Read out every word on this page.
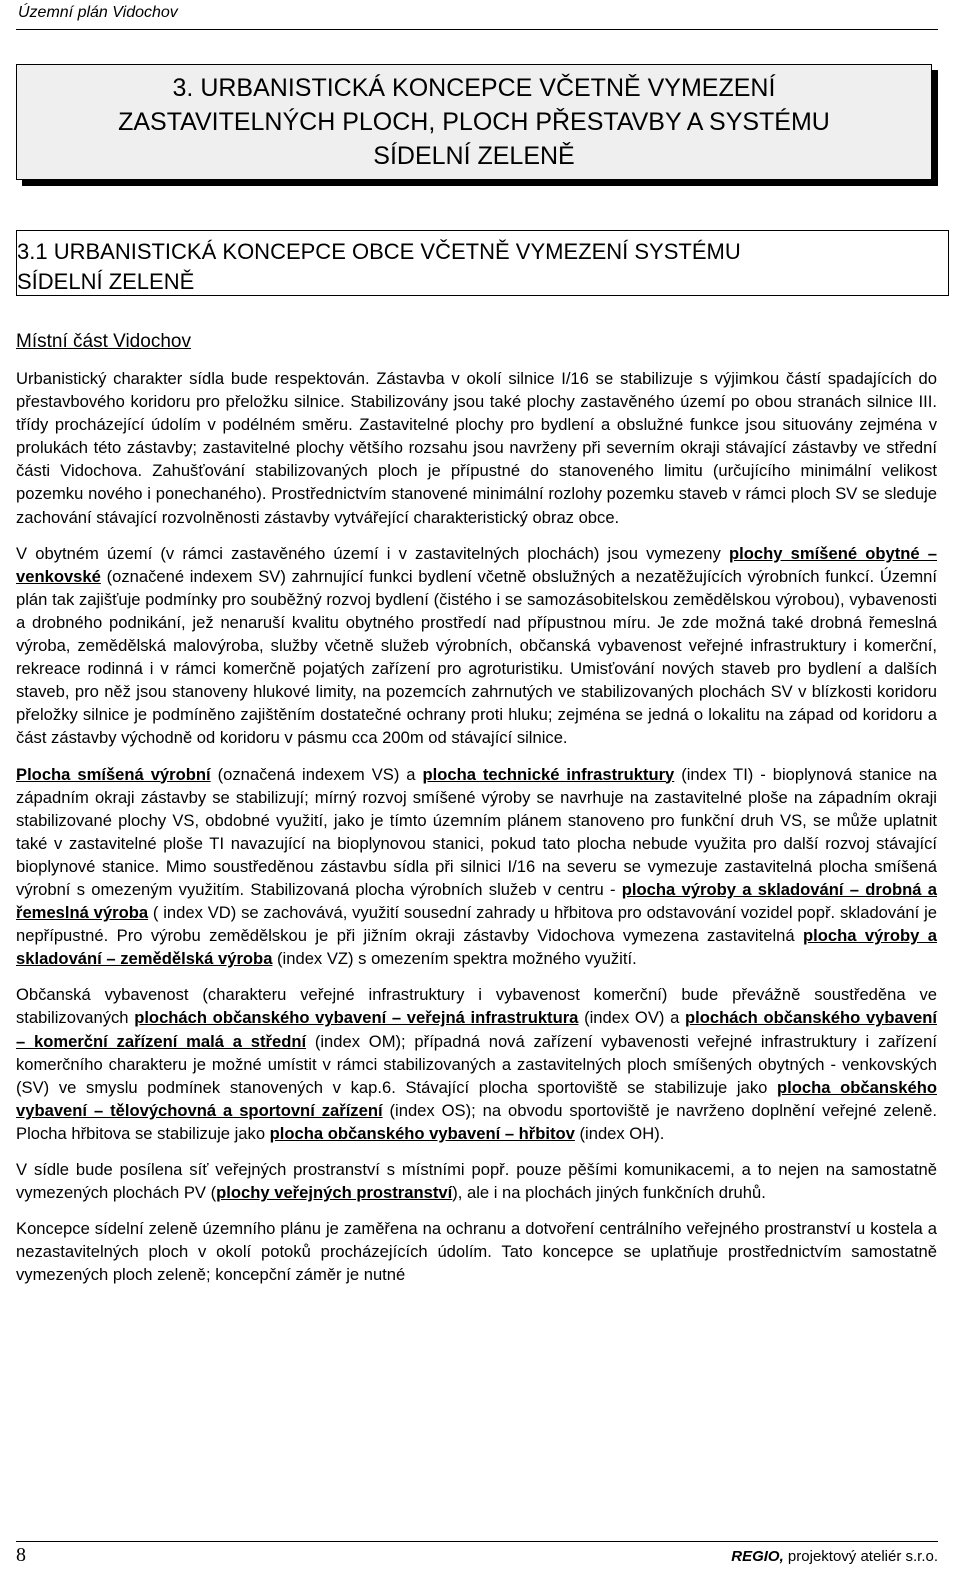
Územní plán Vidochov
3. URBANISTICKÁ KONCEPCE VČETNĚ VYMEZENÍ
ZASTAVITELNÝCH PLOCH, PLOCH PŘESTAVBY A SYSTÉMU
SÍDELNÍ ZELENĚ
3.1 URBANISTICKÁ KONCEPCE OBCE VČETNĚ VYMEZENÍ SYSTÉMU
SÍDELNÍ ZELENĚ
Místní část Vidochov

Urbanistický charakter sídla bude respektován. Zástavba v okolí silnice I/16 se stabilizuje s výjimkou částí spadajících do přestavbového koridoru pro přeložku silnice. Stabilizovány jsou také plochy zastavěného území po obou stranách silnice III. třídy procházející údolím v podélném směru. Zastavitelné plochy pro bydlení a obslužné funkce jsou situovány zejména v prolukách této zástavby; zastavitelné plochy většího rozsahu jsou navrženy při severním okraji stávající zástavby ve střední části Vidochova. Zahušťování stabilizovaných ploch je přípustné do stanoveného limitu (určujícího minimální velikost pozemku nového i ponechaného). Prostřednictvím stanovené minimální rozlohy pozemku staveb v rámci ploch SV se sleduje zachování stávající rozvolněnosti zástavby vytvářející charakteristický obraz obce.

V obytném území (v rámci zastavěného území i v zastavitelných plochách) jsou vymezeny plochy smíšené obytné – venkovské (označené indexem SV) zahrnující funkci bydlení včetně obslužných a nezatěžujících výrobních funkcí. Územní plán tak zajišťuje podmínky pro souběžný rozvoj bydlení (čistého i se samozásobitelskou zemědělskou výrobou), vybavenosti a drobného podnikání, jež nenaruší kvalitu obytného prostředí nad přípustnou míru. Je zde možná také drobná řemeslná výroba, zemědělská malovýroba, služby včetně služeb výrobních, občanská vybavenost veřejné infrastruktury i komerční, rekreace rodinná i v rámci komerčně pojatých zařízení pro agroturistiku. Umisťování nových staveb pro bydlení a dalších staveb, pro něž jsou stanoveny hlukové limity, na pozemcích zahrnutých ve stabilizovaných plochách SV v blízkosti koridoru přeložky silnice je podmíněno zajištěním dostatečné ochrany proti hluku; zejména se jedná o lokalitu na západ od koridoru a část zástavby východně od koridoru v pásmu cca 200m od stávající silnice.

Plocha smíšená výrobní (označená indexem VS) a plocha technické infrastruktury (index TI) - bioplynová stanice na západním okraji zástavby se stabilizují; mírný rozvoj smíšené výroby se navrhuje na zastavitelné ploše na západním okraji stabilizované plochy VS, obdobné využití, jako je tímto územním plánem stanoveno pro funkční druh VS, se může uplatnit také v zastavitelné ploše TI navazující na bioplynovou stanici, pokud tato plocha nebude využita pro další rozvoj stávající bioplynové stanice. Mimo soustředěnou zástavbu sídla při silnici I/16 na severu se vymezuje zastavitelná plocha smíšená výrobní s omezeným využitím. Stabilizovaná plocha výrobních služeb v centru - plocha výroby a skladování – drobná a řemeslná výroba ( index VD) se zachovává, využití sousední zahrady u hřbitova pro odstavování vozidel popř. skladování je nepřípustné. Pro výrobu zemědělskou je při jižním okraji zástavby Vidochova vymezena zastavitelná plocha výroby a skladování – zemědělská výroba (index VZ) s omezením spektra možného využití.

Občanská vybavenost (charakteru veřejné infrastruktury i vybavenost komerční) bude převážně soustředěna ve stabilizovaných plochách občanského vybavení – veřejná infrastruktura (index OV) a plochách občanského vybavení – komerční zařízení malá a střední (index OM); případná nová zařízení vybavenosti veřejné infrastruktury i zařízení komerčního charakteru je možné umístit v rámci stabilizovaných a zastavitelných ploch smíšených obytných - venkovských (SV) ve smyslu podmínek stanovených v kap.6. Stávající plocha sportoviště se stabilizuje jako plocha občanského vybavení – tělovýchovná a sportovní zařízení (index OS); na obvodu sportoviště je navrženo doplnění veřejné zeleně. Plocha hřbitova se stabilizuje jako plocha občanského vybavení – hřbitov (index OH).

V sídle bude posílena síť veřejných prostranství s místními popř. pouze pěšími komunikacemi, a to nejen na samostatně vymezených plochách PV (plochy veřejných prostranství), ale i na plochách jiných funkčních druhů.

Koncepce sídelní zeleně územního plánu je zaměřena na ochranu a dotvoření centrálního veřejného prostranství u kostela a nezastavitelných ploch v okolí potoků procházejících údolím. Tato koncepce se uplatňuje prostřednictvím samostatně vymezených ploch zeleně; koncepční záměr je nutné

8	REGIO, projektový ateliér s.r.o.
